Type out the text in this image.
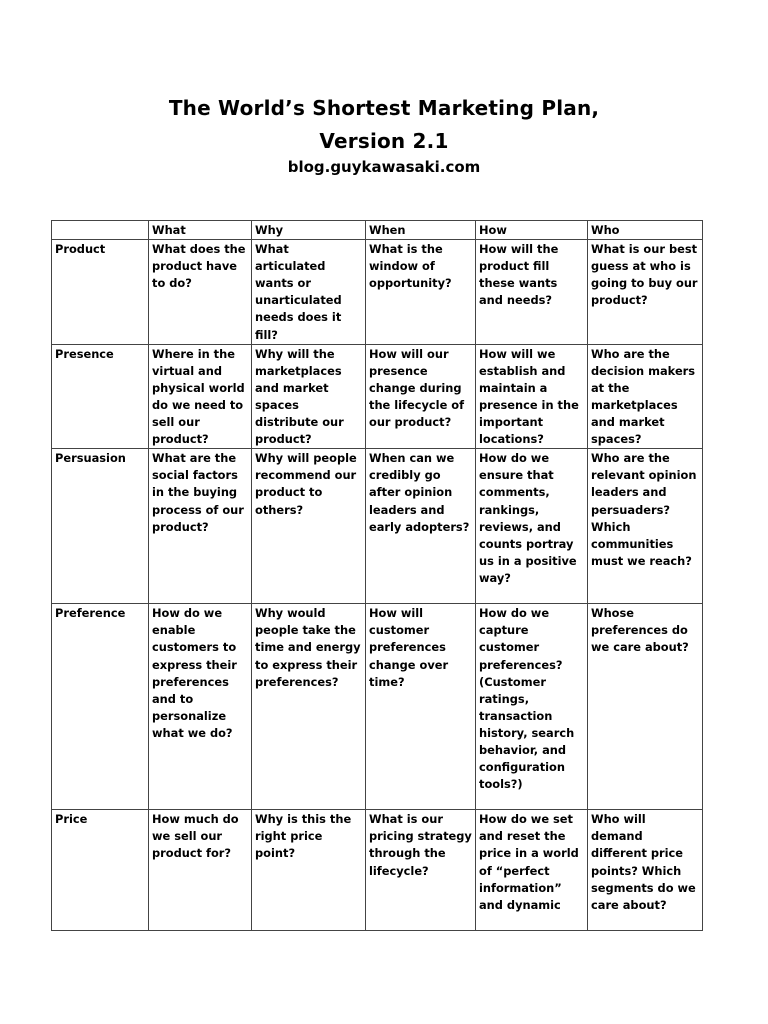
The World’s Shortest Marketing Plan,
Version 2.1
blog.guykawasaki.com
	What	Why	When	How	Who
Product	What does the product have to do?	What articulated wants or unarticulated needs does it fill?	What is the window of opportunity?	How will the product fill these wants and needs?	What is our best guess at who is going to buy our product?
Presence	Where in the virtual and physical world do we need to sell our product?	Why will the marketplaces and market spaces distribute our product?	How will our presence change during the lifecycle of our product?	How will we establish and maintain a presence in the important locations?	Who are the decision makers at the marketplaces and market spaces?
Persuasion	What are the social factors in the buying process of our product?	Why will people recommend our product to others?	When can we credibly go after opinion leaders and early adopters?	How do we ensure that comments, rankings, reviews, and counts portray us in a positive way?	Who are the relevant opinion leaders and persuaders? Which communities must we reach?
Preference	How do we enable customers to express their preferences and to personalize what we do?	Why would people take the time and energy to express their preferences?	How will customer preferences change over time?	How do we capture customer preferences? (Customer ratings, transaction history, search behavior, and configuration tools?)	Whose preferences do we care about?
Price	How much do we sell our product for?	Why is this the right price point?	What is our pricing strategy through the lifecycle?	How do we set and reset the price in a world of “perfect information” and dynamic	Who will demand different price points? Which segments do we care about?
